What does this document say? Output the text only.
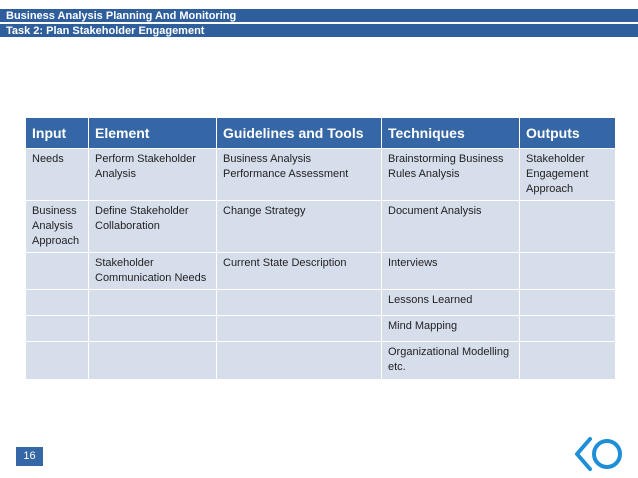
Business Analysis Planning And Monitoring
Task 2: Plan Stakeholder Engagement
Input	Element	Guidelines and Tools	Techniques	Outputs
Needs	Perform Stakeholder Analysis	Business Analysis Performance Assessment	Brainstorming Business Rules Analysis	Stakeholder Engagement Approach
Business Analysis Approach	Define Stakeholder Collaboration	Change Strategy	Document Analysis	
	Stakeholder Communication Needs	Current State Description	Interviews	
			Lessons Learned	
			Mind Mapping	
			Organizational Modelling etc.	
16
